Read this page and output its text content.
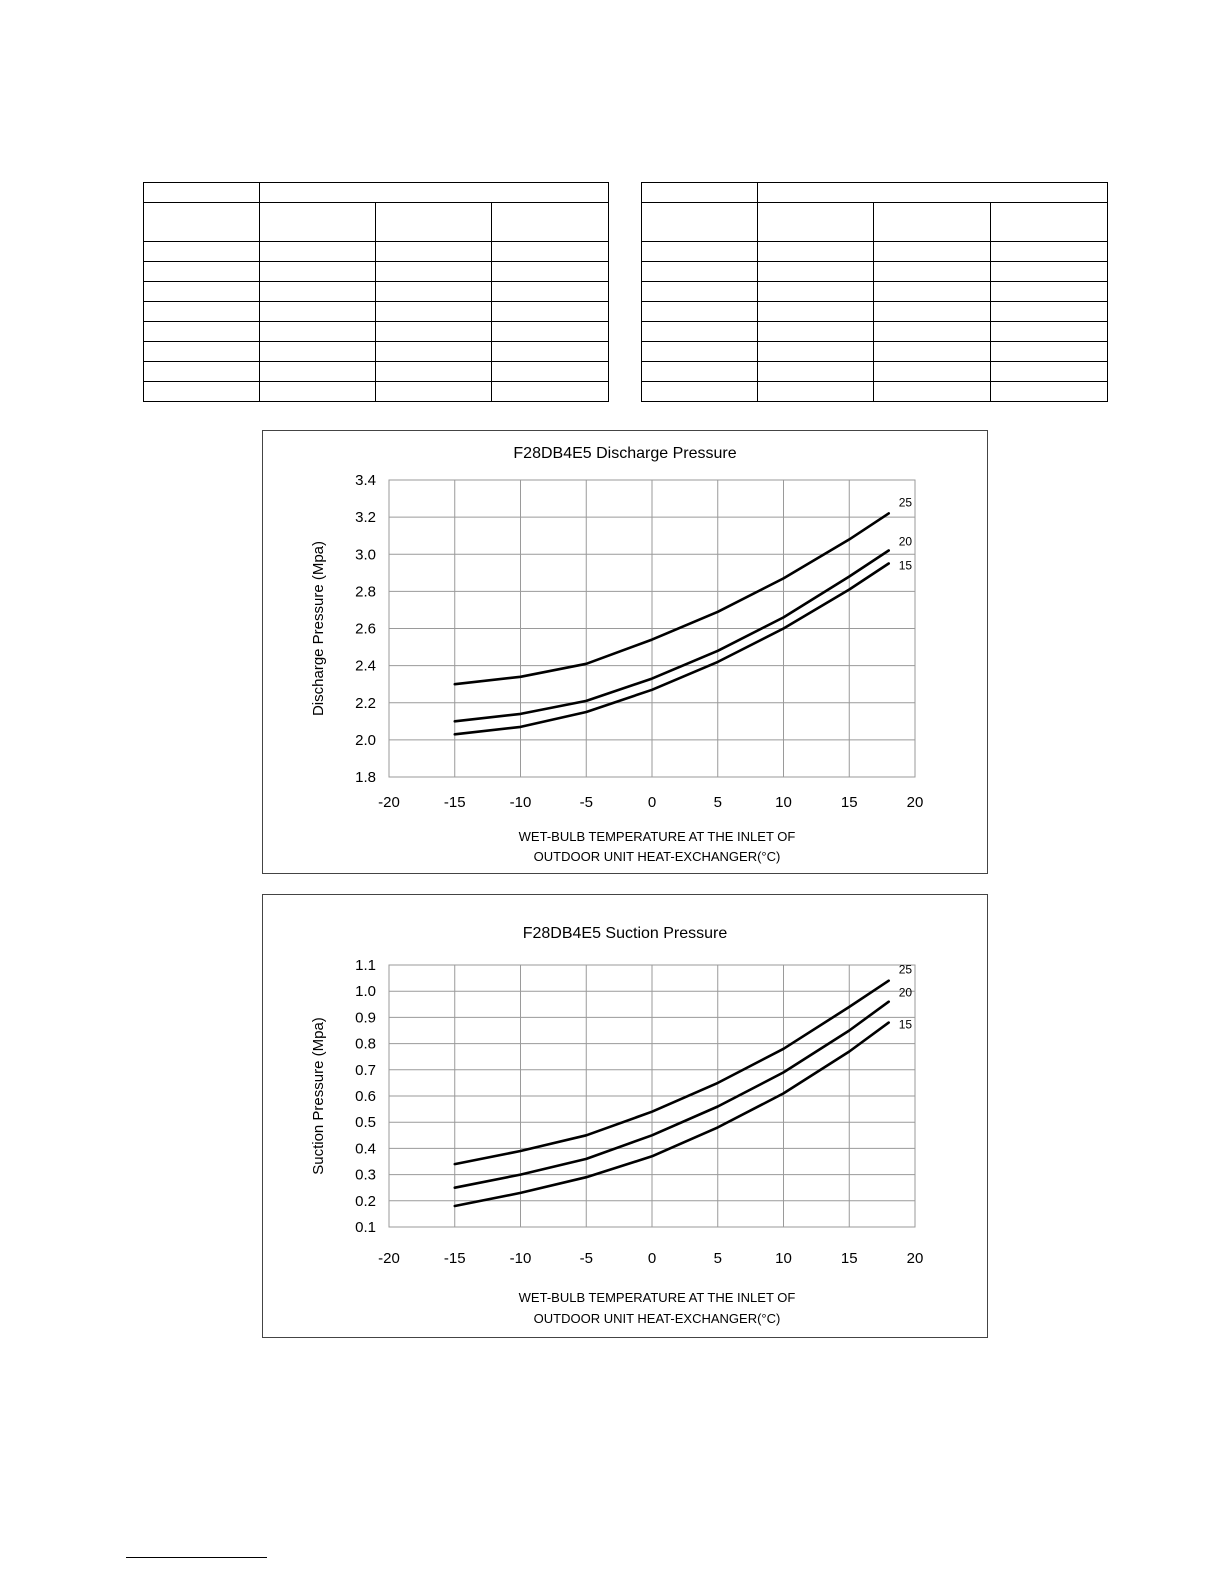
-20	-15	-10	-5	0	5	10	15	20
1.8
2.0
2.2
2.4
2.6
2.8
3.0
3.2
3.4
F28DB4E5 Discharge Pressure
Discharge Pressure (Mpa)
WET-BULB TEMPERATURE AT THE INLET OF
OUTDOOR UNIT HEAT-EXCHANGER(°C)
25
20
15
-20	-15	-10	-5	0	5	10	15	20
0.1
0.2
0.3
0.4
0.5
0.6
0.7
0.8
0.9
1.0
1.1
F28DB4E5 Suction Pressure
Suction Pressure (Mpa)
WET-BULB TEMPERATURE AT THE INLET OF
OUTDOOR UNIT HEAT-EXCHANGER(°C)
25
20
15
